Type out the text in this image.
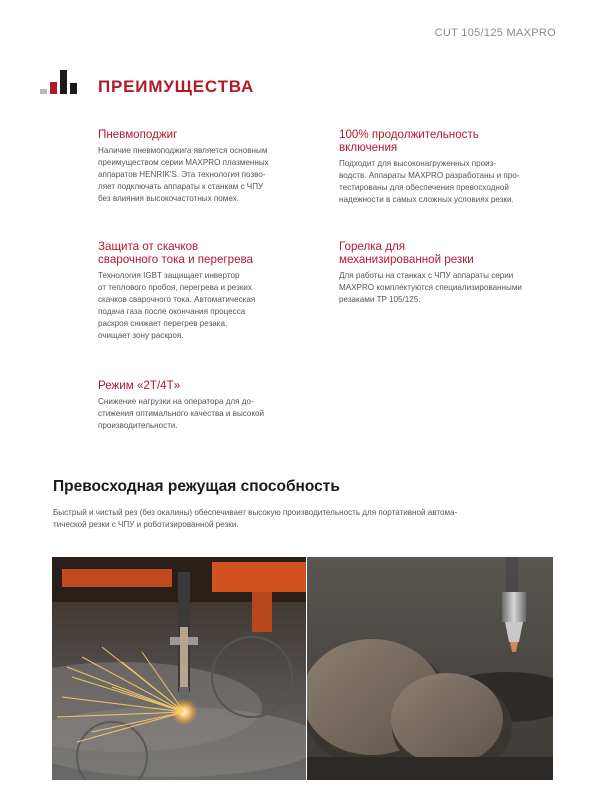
CUT 105/125 MAXPRO
ПРЕИМУЩЕСТВА
Пневмоподжиг

Наличие пневмоподжига является основным
преимуществом серии MAXPRO плазменных
аппаратов HENRIK'S. Эта технология позво-
ляет подключать аппараты к станкам с ЧПУ
без влияния высокочастотных помех.

100% продолжительность
включения

Подходит для высоконагруженных произ-
водств. Аппараты MAXPRO разработаны и про-
тестированы для обеспечения превосходной
надежности в самых сложных условиях резки.

Защита от скачков
сварочного тока и перегрева

Технология IGBT защищает инвертор
от теплового пробоя, перегрева и резких
скачков сварочного тока. Автоматическая
подача газа после окончания процесса
раскроя снижает перегрев резака,
очищает зону раскроя.

Горелка для
механизированной резки

Для работы на станках с ЧПУ аппараты серии
MAXPRO комплектуются специализированными
резаками TP 105/125.

Режим «2T/4T»

Снижение нагрузки на оператора для до-
стижения оптимального качества и высокой
производительности.

Превосходная режущая способность
Быстрый и чистый рез (без окалины) обеспечивает высокую производительность для портативной автома-
тической резки с ЧПУ и роботизированной резки.
